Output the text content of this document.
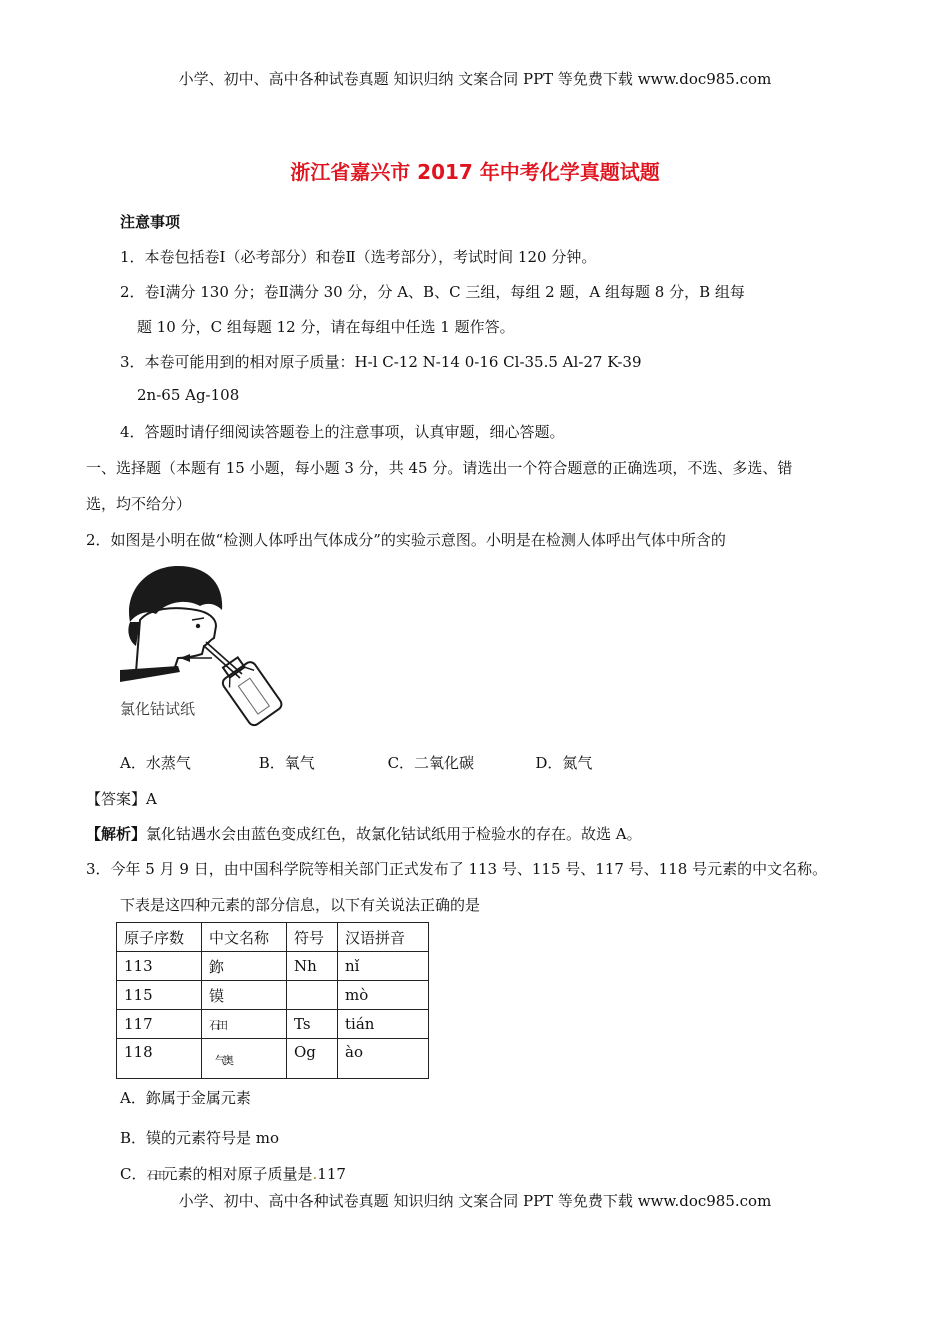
小学、初中、高中各种试卷真题 知识归纳 文案合同 PPT 等免费下载 www.doc985.com
浙江省嘉兴市 2017 年中考化学真题试题
注意事项
1．本卷包括卷Ⅰ（必考部分）和卷Ⅱ（选考部分），考试时间 120 分钟。
2．卷Ⅰ满分 130 分；卷Ⅱ满分 30 分，分 A、B、C 三组，每组 2 题，A 组每题 8 分，B 组每
题 10 分，C 组每题 12 分，请在每组中任选 1 题作答。
3．本卷可能用到的相对原子质量：H-l C-12 N-14 0-16 Cl-35.5 Al-27 K-39
2n-65 Ag-108
4．答题时请仔细阅读答题卷上的注意事项，认真审题，细心答题。
一、选择题（本题有 15 小题，每小题 3 分，共 45 分。请选出一个符合题意的正确选项，不选、多选、错
选，均不给分）
2．如图是小明在做“检测人体呼出气体成分”的实验示意图。小明是在检测人体呼出气体中所含的
氯化钴试纸
A．水蒸气	B．氧气	C．二氧化碳	D．氮气
【答案】A
【解析】氯化钴遇水会由蓝色变成红色，故氯化钴试纸用于检验水的存在。故选 A。
3．今年 5 月 9 日，由中国科学院等相关部门正式发布了 113 号、115 号、117 号、118 号元素的中文名称。
下表是这四种元素的部分信息，以下有关说法正确的是
原子序数	中文名称	符号	汉语拼音
113	鉨	Nh	nǐ
115	镆		mò
117	石田	Ts	tián
118	气奥	Og	ào
A．鉨属于金属元素
B．镆的元素符号是 mo
C．石田元素的相对原子质量是.117
小学、初中、高中各种试卷真题 知识归纳 文案合同 PPT 等免费下载 www.doc985.com
